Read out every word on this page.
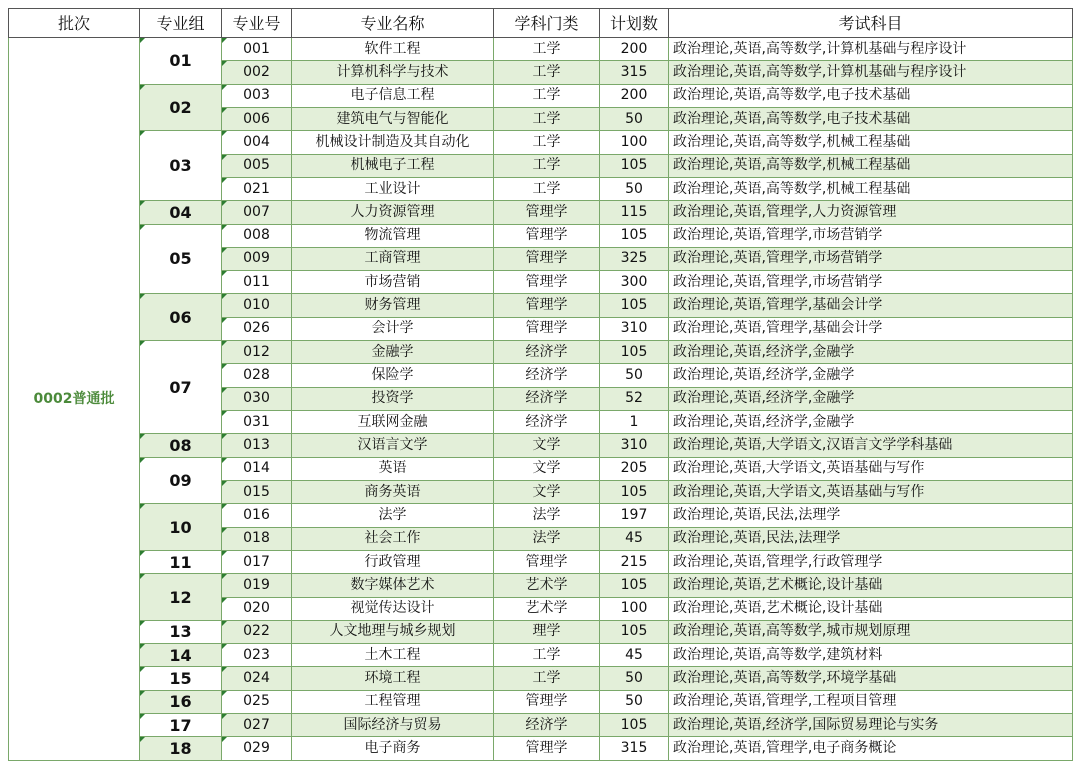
批次	专业组	专业号	专业名称	学科门类	计划数	考试科目
0002普通批	01	001	软件工程	工学	200	政治理论,英语,高等数学,计算机基础与程序设计

002	计算机科学与技术	工学	315	政治理论,英语,高等数学,计算机基础与程序设计

02	003	电子信息工程	工学	200	政治理论,英语,高等数学,电子技术基础

006	建筑电气与智能化	工学	50	政治理论,英语,高等数学,电子技术基础

03	004	机械设计制造及其自动化	工学	100	政治理论,英语,高等数学,机械工程基础

005	机械电子工程	工学	105	政治理论,英语,高等数学,机械工程基础

021	工业设计	工学	50	政治理论,英语,高等数学,机械工程基础

04	007	人力资源管理	管理学	115	政治理论,英语,管理学,人力资源管理

05	008	物流管理	管理学	105	政治理论,英语,管理学,市场营销学

009	工商管理	管理学	325	政治理论,英语,管理学,市场营销学

011	市场营销	管理学	300	政治理论,英语,管理学,市场营销学

06	010	财务管理	管理学	105	政治理论,英语,管理学,基础会计学

026	会计学	管理学	310	政治理论,英语,管理学,基础会计学

07	012	金融学	经济学	105	政治理论,英语,经济学,金融学

028	保险学	经济学	50	政治理论,英语,经济学,金融学

030	投资学	经济学	52	政治理论,英语,经济学,金融学

031	互联网金融	经济学	1	政治理论,英语,经济学,金融学

08	013	汉语言文学	文学	310	政治理论,英语,大学语文,汉语言文学学科基础

09	014	英语	文学	205	政治理论,英语,大学语文,英语基础与写作

015	商务英语	文学	105	政治理论,英语,大学语文,英语基础与写作

10	016	法学	法学	197	政治理论,英语,民法,法理学

018	社会工作	法学	45	政治理论,英语,民法,法理学

11	017	行政管理	管理学	215	政治理论,英语,管理学,行政管理学

12	019	数字媒体艺术	艺术学	105	政治理论,英语,艺术概论,设计基础

020	视觉传达设计	艺术学	100	政治理论,英语,艺术概论,设计基础

13	022	人文地理与城乡规划	理学	105	政治理论,英语,高等数学,城市规划原理

14	023	土木工程	工学	45	政治理论,英语,高等数学,建筑材料

15	024	环境工程	工学	50	政治理论,英语,高等数学,环境学基础

16	025	工程管理	管理学	50	政治理论,英语,管理学,工程项目管理

17	027	国际经济与贸易	经济学	105	政治理论,英语,经济学,国际贸易理论与实务

18	029	电子商务	管理学	315	政治理论,英语,管理学,电子商务概论
